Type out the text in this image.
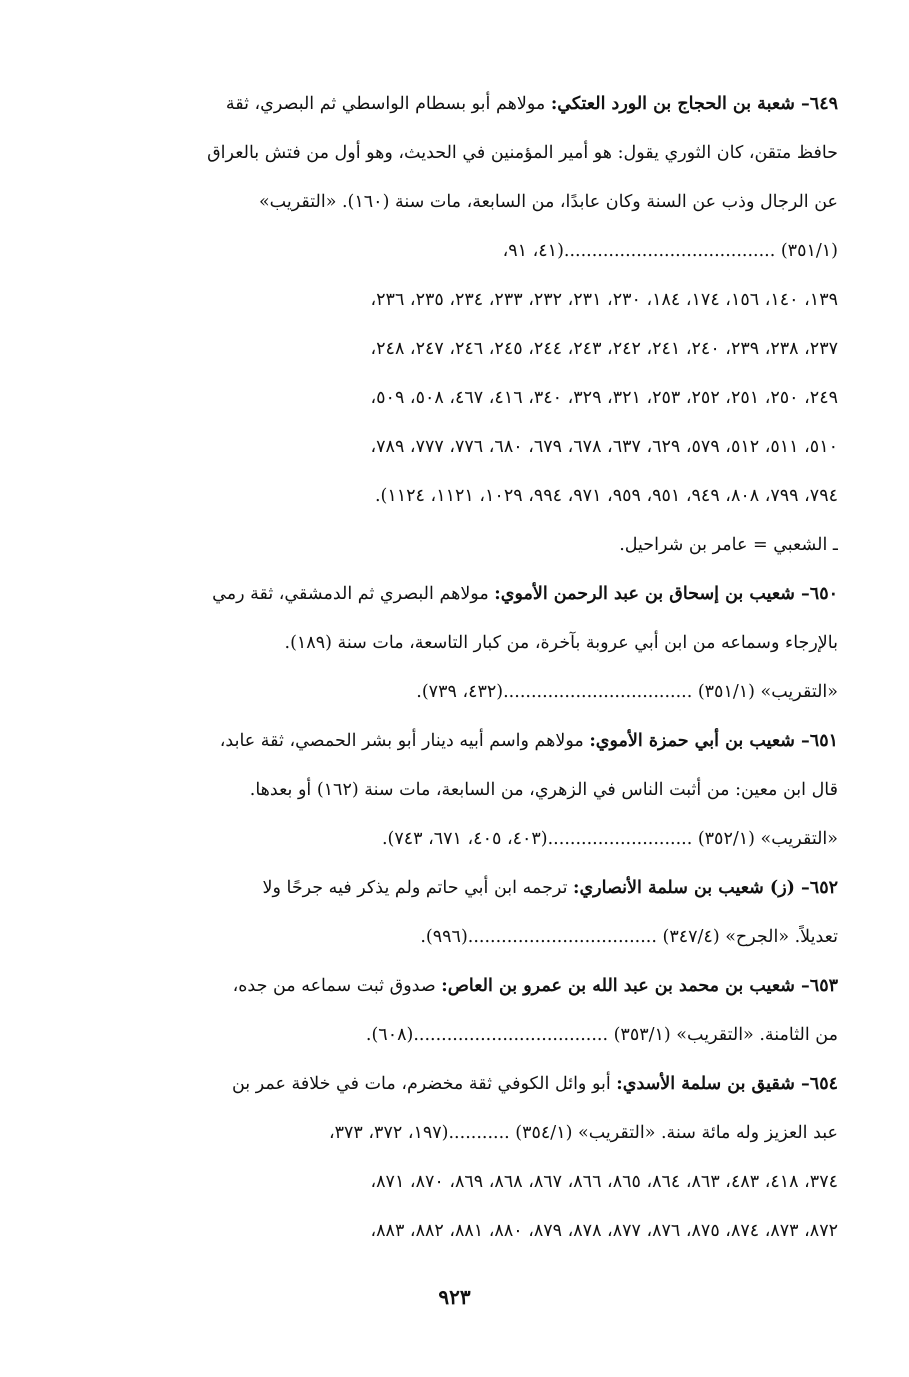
٦٤٩– شعبة بن الحجاج بن الورد العتكي: مولاهم أبو بسطام الواسطي ثم البصري، ثقة
حافظ متقن، كان الثوري يقول: هو أمير المؤمنين في الحديث، وهو أول من فتش بالعراق
عن الرجال وذب عن السنة وكان عابدًا، من السابعة، مات سنة (١٦٠). «التقريب»
(٣٥١/١) ......................................(٤١، ٩١،
١٣٩، ١٤٠، ١٥٦، ١٧٤، ١٨٤، ٢٣٠، ٢٣١، ٢٣٢، ٢٣٣، ٢٣٤، ٢٣٥، ٢٣٦،
٢٣٧، ٢٣٨، ٢٣٩، ٢٤٠، ٢٤١، ٢٤٢، ٢٤٣، ٢٤٤، ٢٤٥، ٢٤٦، ٢٤٧، ٢٤٨،
٢٤٩، ٢٥٠، ٢٥١، ٢٥٢، ٢٥٣، ٣٢١، ٣٢٩، ٣٤٠، ٤١٦، ٤٦٧، ٥٠٨، ٥٠٩،
٥١٠، ٥١١، ٥١٢، ٥٧٩، ٦٢٩، ٦٣٧، ٦٧٨، ٦٧٩، ٦٨٠، ٧٧٦، ٧٧٧، ٧٨٩،
٧٩٤، ٧٩٩، ٨٠٨، ٩٤٩، ٩٥١، ٩٥٩، ٩٧١، ٩٩٤، ١٠٢٩، ١١٢١، ١١٢٤).
ـ الشعبي = عامر بن شراحيل.
٦٥٠– شعيب بن إسحاق بن عبد الرحمن الأموي: مولاهم البصري ثم الدمشقي، ثقة رمي
بالإرجاء وسماعه من ابن أبي عروبة بآخرة، من كبار التاسعة، مات سنة (١٨٩).
«التقريب» (٣٥١/١) ..................................(٤٣٢، ٧٣٩).
٦٥١– شعيب بن أبي حمزة الأموي: مولاهم واسم أبيه دينار أبو بشر الحمصي، ثقة عابد،
قال ابن معين: من أثبت الناس في الزهري، من السابعة، مات سنة (١٦٢) أو بعدها.
«التقريب» (٣٥٢/١) ..........................(٤٠٣، ٤٠٥، ٦٧١، ٧٤٣).
٦٥٢– (ز) شعيب بن سلمة الأنصاري: ترجمه ابن أبي حاتم ولم يذكر فيه جرحًا ولا
تعديلاً. «الجرح» (٣٤٧/٤) ..................................(٩٩٦).
٦٥٣– شعيب بن محمد بن عبد الله بن عمرو بن العاص: صدوق ثبت سماعه من جده،
من الثامنة. «التقريب» (٣٥٣/١) ...................................(٦٠٨).
٦٥٤– شقيق بن سلمة الأسدي: أبو وائل الكوفي ثقة مخضرم، مات في خلافة عمر بن
عبد العزيز وله مائة سنة. «التقريب» (٣٥٤/١) ...........(١٩٧، ٣٧٢، ٣٧٣،
٣٧٤، ٤١٨، ٤٨٣، ٨٦٣، ٨٦٤، ٨٦٥، ٨٦٦، ٨٦٧، ٨٦٨، ٨٦٩، ٨٧٠، ٨٧١،
٨٧٢، ٨٧٣، ٨٧٤، ٨٧٥، ٨٧٦، ٨٧٧، ٨٧٨، ٨٧٩، ٨٨٠، ٨٨١، ٨٨٢، ٨٨٣،
٩٢٣
